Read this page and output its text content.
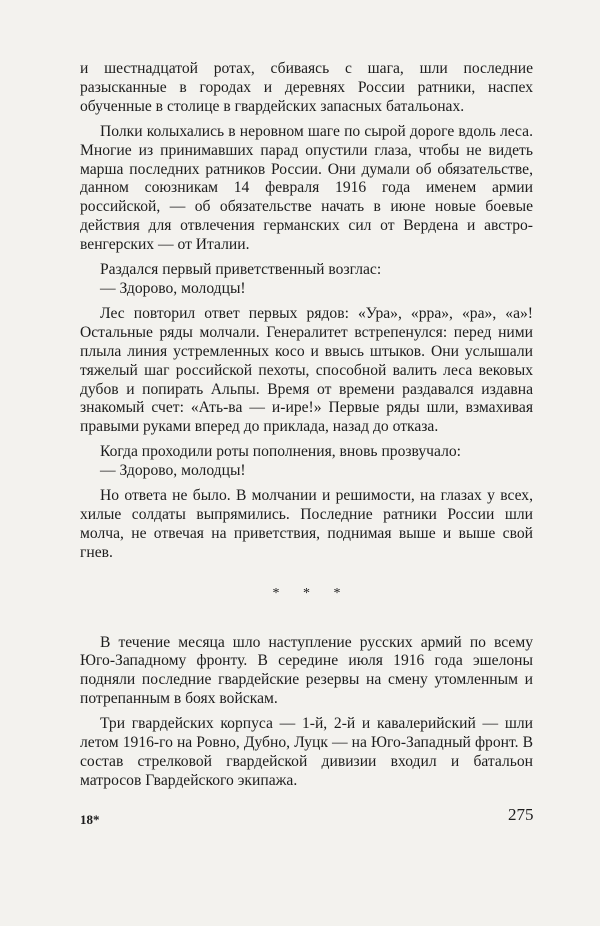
и шестнадцатой ротах, сбиваясь с шага, шли последние разысканные в городах и деревнях России ратники, наспех обученные в столице в гвардейских запасных батальонах.

Полки колыхались в неровном шаге по сырой дороге вдоль леса. Многие из принимавших парад опустили глаза, чтобы не видеть марша последних ратников России. Они думали об обязательстве, данном союзникам 14 февраля 1916 года именем армии российской, — об обязательстве начать в июне новые боевые действия для отвлечения германских сил от Вердена и австро-венгерских — от Италии.

Раздался первый приветственный возглас:

— Здорово, молодцы!

Лес повторил ответ первых рядов: «Ура», «рра», «ра», «а»! Остальные ряды молчали. Генералитет встрепенулся: перед ними плыла линия устремленных косо и ввысь штыков. Они услышали тяжелый шаг российской пехоты, способной валить леса вековых дубов и попирать Альпы. Время от времени раздавался издавна знакомый счет: «Ать-ва — и-ире!» Первые ряды шли, взмахивая правыми руками вперед до приклада, назад до отказа.

Когда проходили роты пополнения, вновь прозвучало:

— Здорово, молодцы!

Но ответа не было. В молчании и решимости, на глазах у всех, хилые солдаты выпрямились. Последние ратники России шли молча, не отвечая на приветствия, поднимая выше и выше свой гнев.

* * *

В течение месяца шло наступление русских армий по всему Юго-Западному фронту. В середине июля 1916 года эшелоны подняли последние гвардейские резервы на смену утомленным и потрепанным в боях войскам.

Три гвардейских корпуса — 1-й, 2-й и кавалерийский — шли летом 1916-го на Ровно, Дубно, Луцк — на Юго-Западный фронт. В состав стрелковой гвардейской дивизии входил и батальон матросов Гвардейского экипажа.

18*	275
